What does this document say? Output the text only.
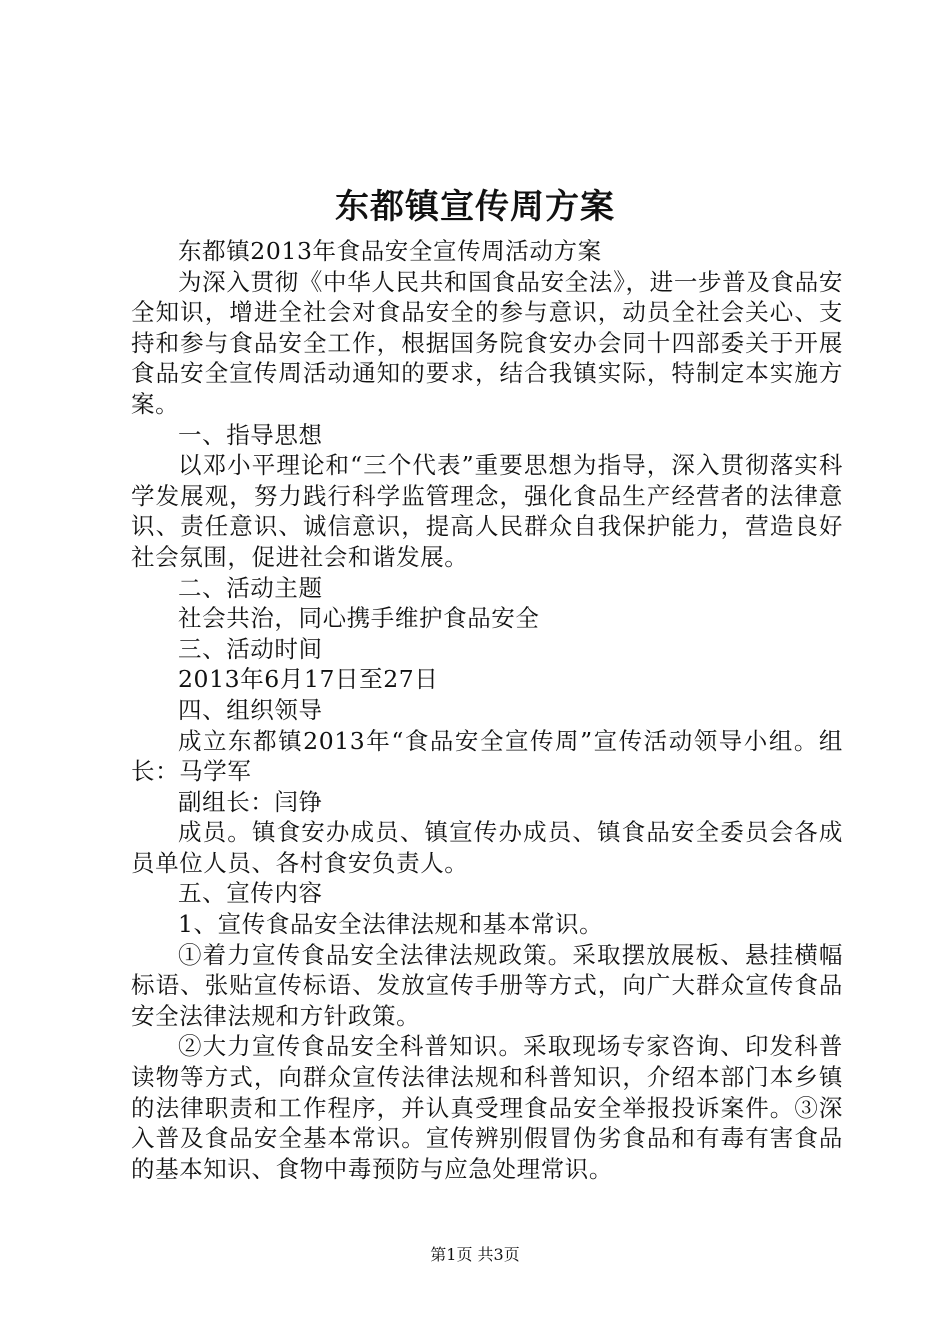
东都镇宣传周方案

东都镇2013年食品安全宣传周活动方案

为深入贯彻《中华人民共和国食品安全法》，进一步普及食品安全知识，增进全社会对食品安全的参与意识，动员全社会关心、支持和参与食品安全工作，根据国务院食安办会同十四部委关于开展食品安全宣传周活动通知的要求，结合我镇实际，特制定本实施方案。

一、指导思想

以邓小平理论和“三个代表”重要思想为指导，深入贯彻落实科学发展观，努力践行科学监管理念，强化食品生产经营者的法律意识、责任意识、诚信意识，提高人民群众自我保护能力，营造良好社会氛围，促进社会和谐发展。

二、活动主题

社会共治，同心携手维护食品安全

三、活动时间

2013年6月17日至27日

四、组织领导

成立东都镇2013年“食品安全宣传周”宣传活动领导小组。组长：马学军

副组长：闫铮

成员。镇食安办成员、镇宣传办成员、镇食品安全委员会各成员单位人员、各村食安负责人。

五、宣传内容

1、宣传食品安全法律法规和基本常识。

①着力宣传食品安全法律法规政策。采取摆放展板、悬挂横幅标语、张贴宣传标语、发放宣传手册等方式，向广大群众宣传食品安全法律法规和方针政策。

②大力宣传食品安全科普知识。采取现场专家咨询、印发科普读物等方式，向群众宣传法律法规和科普知识，介绍本部门本乡镇的法律职责和工作程序，并认真受理食品安全举报投诉案件。③深入普及食品安全基本常识。宣传辨别假冒伪劣食品和有毒有害食品的基本知识、食物中毒预防与应急处理常识。

第1页 共3页
